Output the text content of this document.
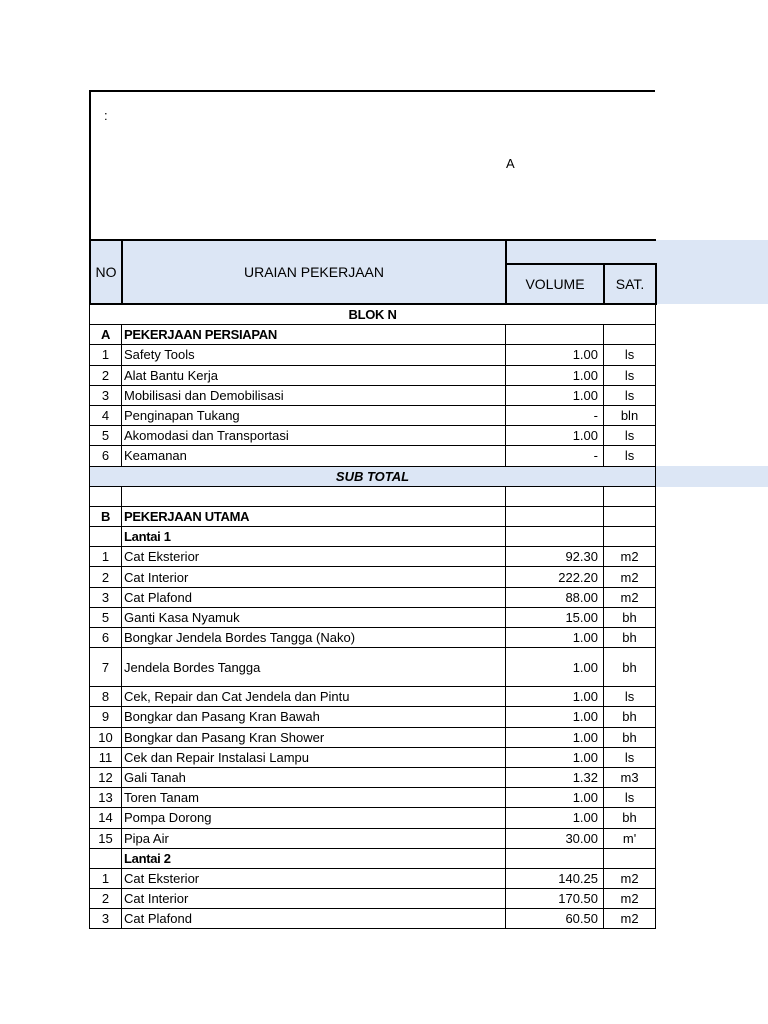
:
A
NO	URAIAN PEKERJAAN		
		VOLUME	SAT.
BLOK N			
A	PEKERJAAN PERSIAPAN		
1	Safety Tools	1.00	ls
2	Alat Bantu Kerja	1.00	ls
3	Mobilisasi dan Demobilisasi	1.00	ls
4	Penginapan Tukang	-	bln
5	Akomodasi dan Transportasi	1.00	ls
6	Keamanan	-	ls
SUB TOTAL			

B	PEKERJAAN UTAMA		
	Lantai 1		
1	Cat Eksterior	92.30	m2
2	Cat Interior	222.20	m2
3	Cat Plafond	88.00	m2
5	Ganti Kasa Nyamuk	15.00	bh
6	Bongkar Jendela Bordes Tangga (Nako)	1.00	bh
7	Jendela Bordes Tangga	1.00	bh
8	Cek, Repair dan Cat Jendela dan Pintu	1.00	ls
9	Bongkar dan Pasang Kran Bawah	1.00	bh
10	Bongkar dan Pasang Kran Shower	1.00	bh
11	Cek dan Repair Instalasi Lampu	1.00	ls
12	Gali Tanah	1.32	m3
13	Toren Tanam	1.00	ls
14	Pompa Dorong	1.00	bh
15	Pipa Air	30.00	m'
	Lantai 2		
1	Cat Eksterior	140.25	m2
2	Cat Interior	170.50	m2
3	Cat Plafond	60.50	m2
